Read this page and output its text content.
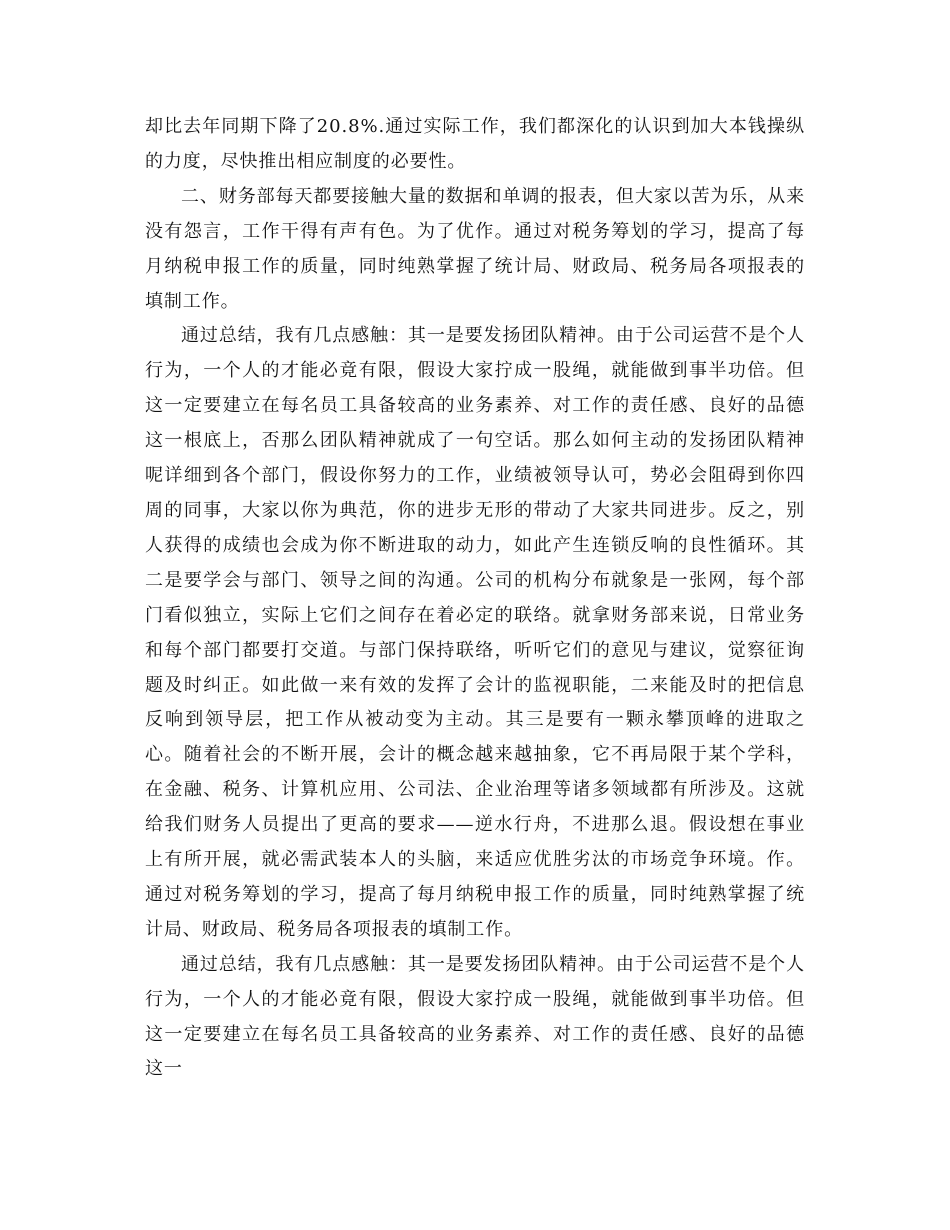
却比去年同期下降了20.8%.通过实际工作，我们都深化的认识到加大本钱操纵的力度，尽快推出相应制度的必要性。

二、财务部每天都要接触大量的数据和单调的报表，但大家以苦为乐，从来没有怨言，工作干得有声有色。为了优作。通过对税务筹划的学习，提高了每月纳税申报工作的质量，同时纯熟掌握了统计局、财政局、税务局各项报表的填制工作。

通过总结，我有几点感触：其一是要发扬团队精神。由于公司运营不是个人行为，一个人的才能必竟有限，假设大家拧成一股绳，就能做到事半功倍。但这一定要建立在每名员工具备较高的业务素养、对工作的责任感、良好的品德这一根底上，否那么团队精神就成了一句空话。那么如何主动的发扬团队精神呢详细到各个部门，假设你努力的工作，业绩被领导认可，势必会阻碍到你四周的同事，大家以你为典范，你的进步无形的带动了大家共同进步。反之，别人获得的成绩也会成为你不断进取的动力，如此产生连锁反响的良性循环。其二是要学会与部门、领导之间的沟通。公司的机构分布就象是一张网，每个部门看似独立，实际上它们之间存在着必定的联络。就拿财务部来说，日常业务和每个部门都要打交道。与部门保持联络，听听它们的意见与建议，觉察征询题及时纠正。如此做一来有效的发挥了会计的监视职能，二来能及时的把信息反响到领导层，把工作从被动变为主动。其三是要有一颗永攀顶峰的进取之心。随着社会的不断开展，会计的概念越来越抽象，它不再局限于某个学科，在金融、税务、计算机应用、公司法、企业治理等诸多领域都有所涉及。这就给我们财务人员提出了更高的要求——逆水行舟，不进那么退。假设想在事业上有所开展，就必需武装本人的头脑，来适应优胜劣汰的市场竞争环境。作。通过对税务筹划的学习，提高了每月纳税申报工作的质量，同时纯熟掌握了统计局、财政局、税务局各项报表的填制工作。

通过总结，我有几点感触：其一是要发扬团队精神。由于公司运营不是个人行为，一个人的才能必竟有限，假设大家拧成一股绳，就能做到事半功倍。但这一定要建立在每名员工具备较高的业务素养、对工作的责任感、良好的品德这一
